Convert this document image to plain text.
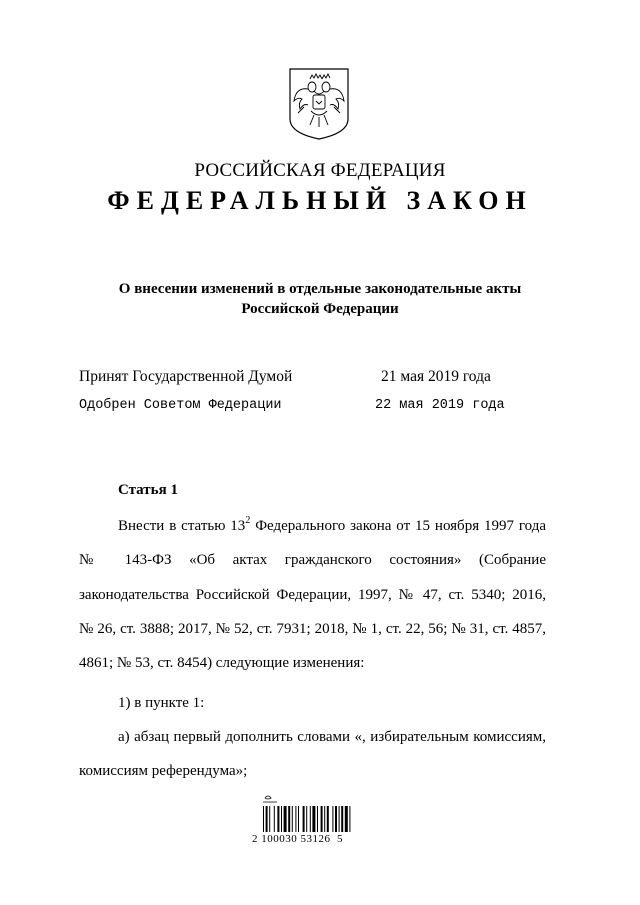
РОССИЙСКАЯ ФЕДЕРАЦИЯ
ФЕДЕРАЛЬНЫЙ ЗАКОН
О внесении изменений в отдельные законодательные акты
Российской Федерации
Принят Государственной Думой	21 мая 2019 года
Одобрен Советом Федерации	22 мая 2019 года
Статья 1
Внести в статью $13^2$ Федерального закона от 15 ноября 1997 года
№ 143-ФЗ «Об актах гражданского состояния» (Собрание
законодательства Российской Федерации, 1997, № 47, ст. 5340; 2016,
№ 26, ст. 3888; 2017, № 52, ст. 7931; 2018, № 1, ст. 22, 56; № 31, ст. 4857,
4861; № 53, ст. 8454) следующие изменения:
1) в пункте 1:
а) абзац первый дополнить словами «, избирательным комиссиям,
комиссиям референдума»;
2 100030 53126  5
